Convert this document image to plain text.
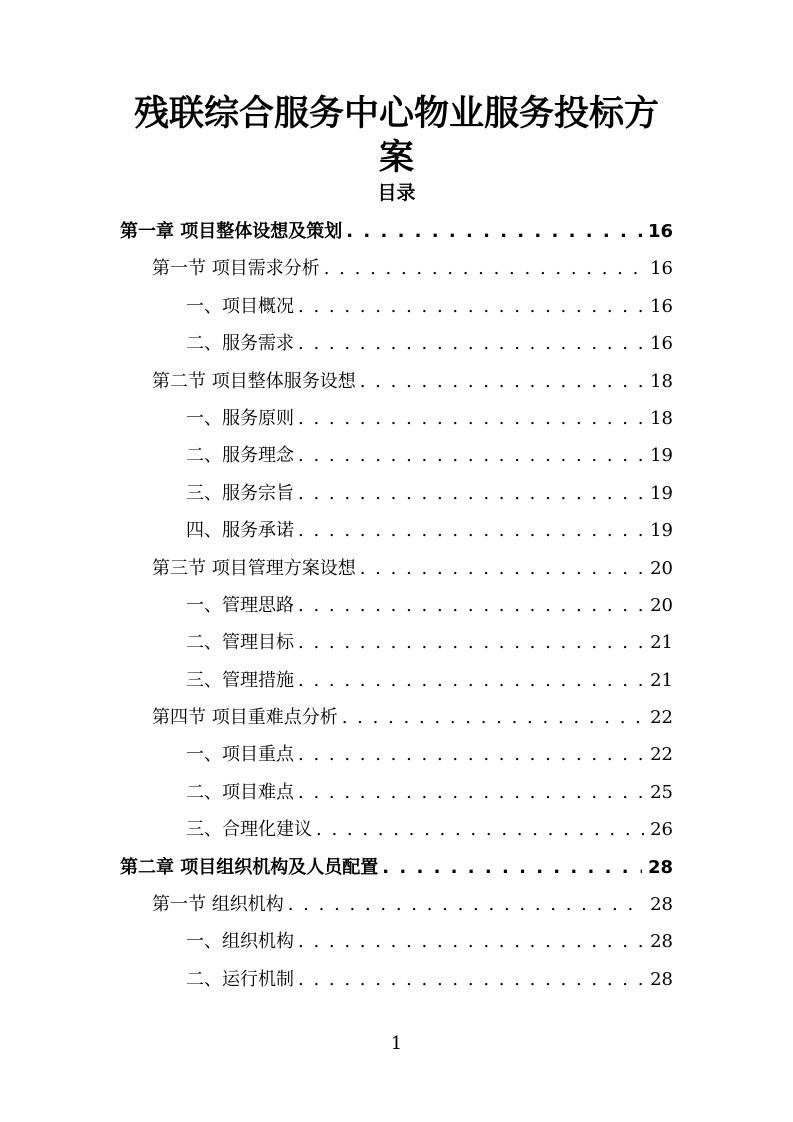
残联综合服务中心物业服务投标方案
目录
第一章 项目整体设想及策划 . . .	16
第一节 项目需求分析 . . .	16
一、项目概况 . . .	16
二、服务需求 . . .	16
第二节 项目整体服务设想 . . .	18
一、服务原则 . . .	18
二、服务理念 . . .	19
三、服务宗旨 . . .	19
四、服务承诺 . . .	19
第三节 项目管理方案设想 . . .	20
一、管理思路 . . .	20
二、管理目标 . . .	21
三、管理措施 . . .	21
第四节 项目重难点分析 . . .	22
一、项目重点 . . .	22
二、项目难点 . . .	25
三、合理化建议 . . .	26
第二章 项目组织机构及人员配置 . . .	28
第一节 组织机构 . . .	28
一、组织机构 . . .	28
二、运行机制 . . .	28
1
